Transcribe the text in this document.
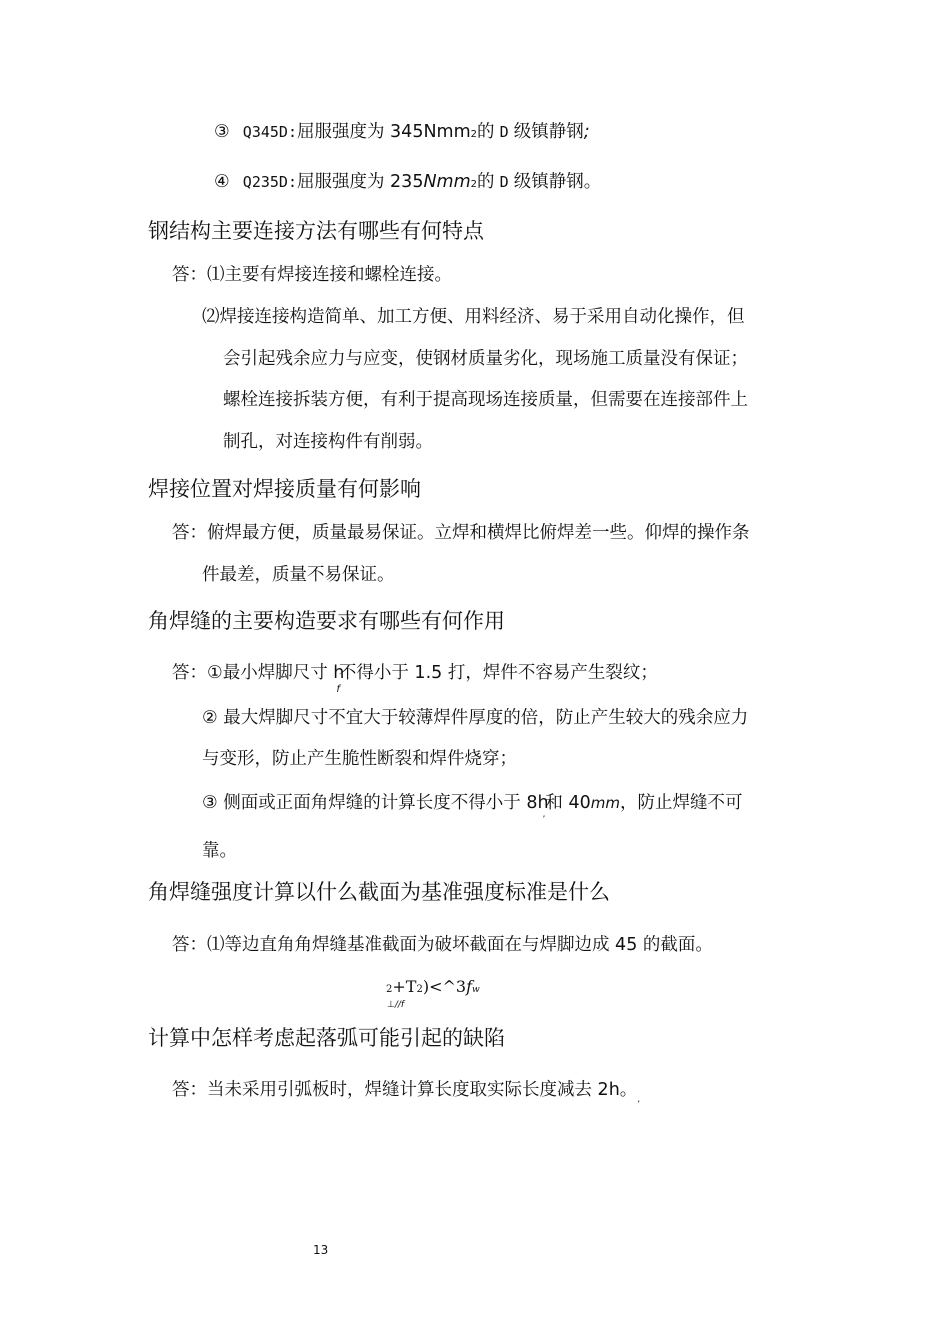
③ Q345D:屈服强度为 345Nmm2的 D 级镇静钢;
④ Q235D:屈服强度为 235Nmm2的 D 级镇静钢。
钢结构主要连接方法有哪些有何特点
答：⑴主要有焊接连接和螺栓连接。
⑵焊接连接构造简单、加工方便、用料经济、易于采用自动化操作，但
会引起残余应力与应变，使钢材质量劣化，现场施工质量没有保证；
螺栓连接拆装方便，有利于提高现场连接质量，但需要在连接部件上
制孔，对连接构件有削弱。
焊接位置对焊接质量有何影响
答：俯焊最方便，质量最易保证。立焊和横焊比俯焊差一些。仰焊的操作条
件最差，质量不易保证。
角焊缝的主要构造要求有哪些有何作用
答：①最小焊脚尺寸 $h_f$不得小于 1.5 打，焊件不容易产生裂纹；
② 最大焊脚尺寸不宜大于较薄焊件厚度的倍，防止产生较大的残余应力
与变形，防止产生脆性断裂和焊件烧穿；
③ 侧面或正面角焊缝的计算长度不得小于 $8h_ʼ$和 40mm，防止焊缝不可
靠。
角焊缝强度计算以什么截面为基准强度标准是什么
答：⑴等边直角角焊缝基准截面为破坏截面在与焊脚边成 45 的截面。
2+T2)<^3fw
⊥//f
计算中怎样考虑起落弧可能引起的缺陷
答：当未采用引弧板时，焊缝计算长度取实际长度减去 2h。$_ʼ$
13
